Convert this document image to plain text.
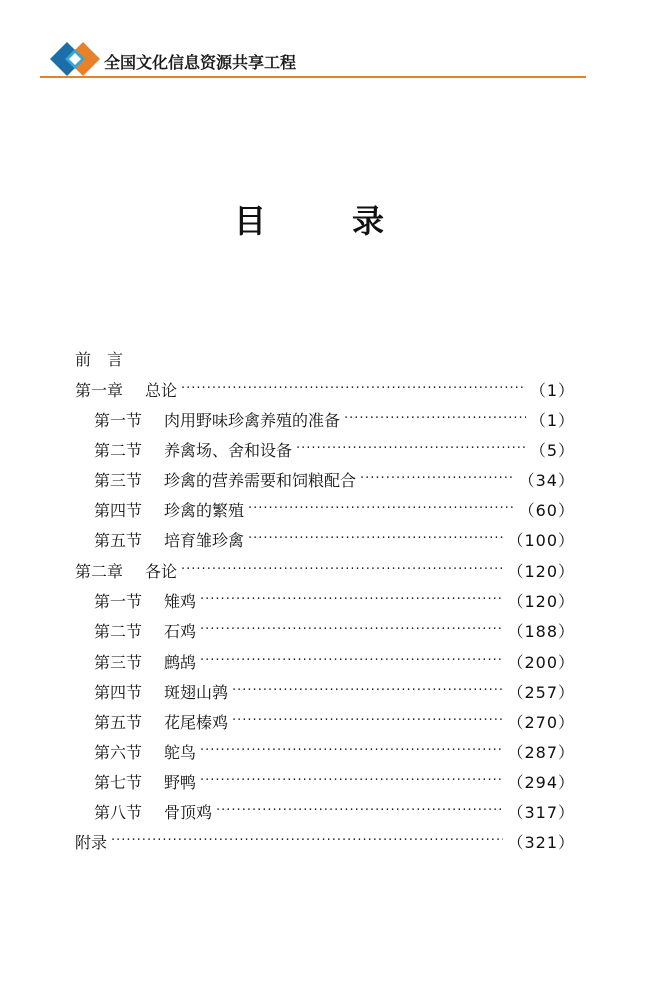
全国文化信息资源共享工程
目	录
前 言
第一章 总论 ·····	（1）
第一节 肉用野味珍禽养殖的准备 ·····	（1）
第二节 养禽场、舍和设备 ·····	（5）
第三节 珍禽的营养需要和饲粮配合 ·····	（34）
第四节 珍禽的繁殖 ·····	（60）
第五节 培育雏珍禽 ·····	（100）
第二章 各论 ·····	（120）
第一节 雉鸡 ·····	（120）
第二节 石鸡 ·····	（188）
第三节 鹧鸪 ·····	（200）
第四节 斑翅山鹑 ·····	（257）
第五节 花尾榛鸡 ·····	（270）
第六节 鸵鸟 ·····	（287）
第七节 野鸭 ·····	（294）
第八节 骨顶鸡 ·····	（317）
附录 ·····	（321）
